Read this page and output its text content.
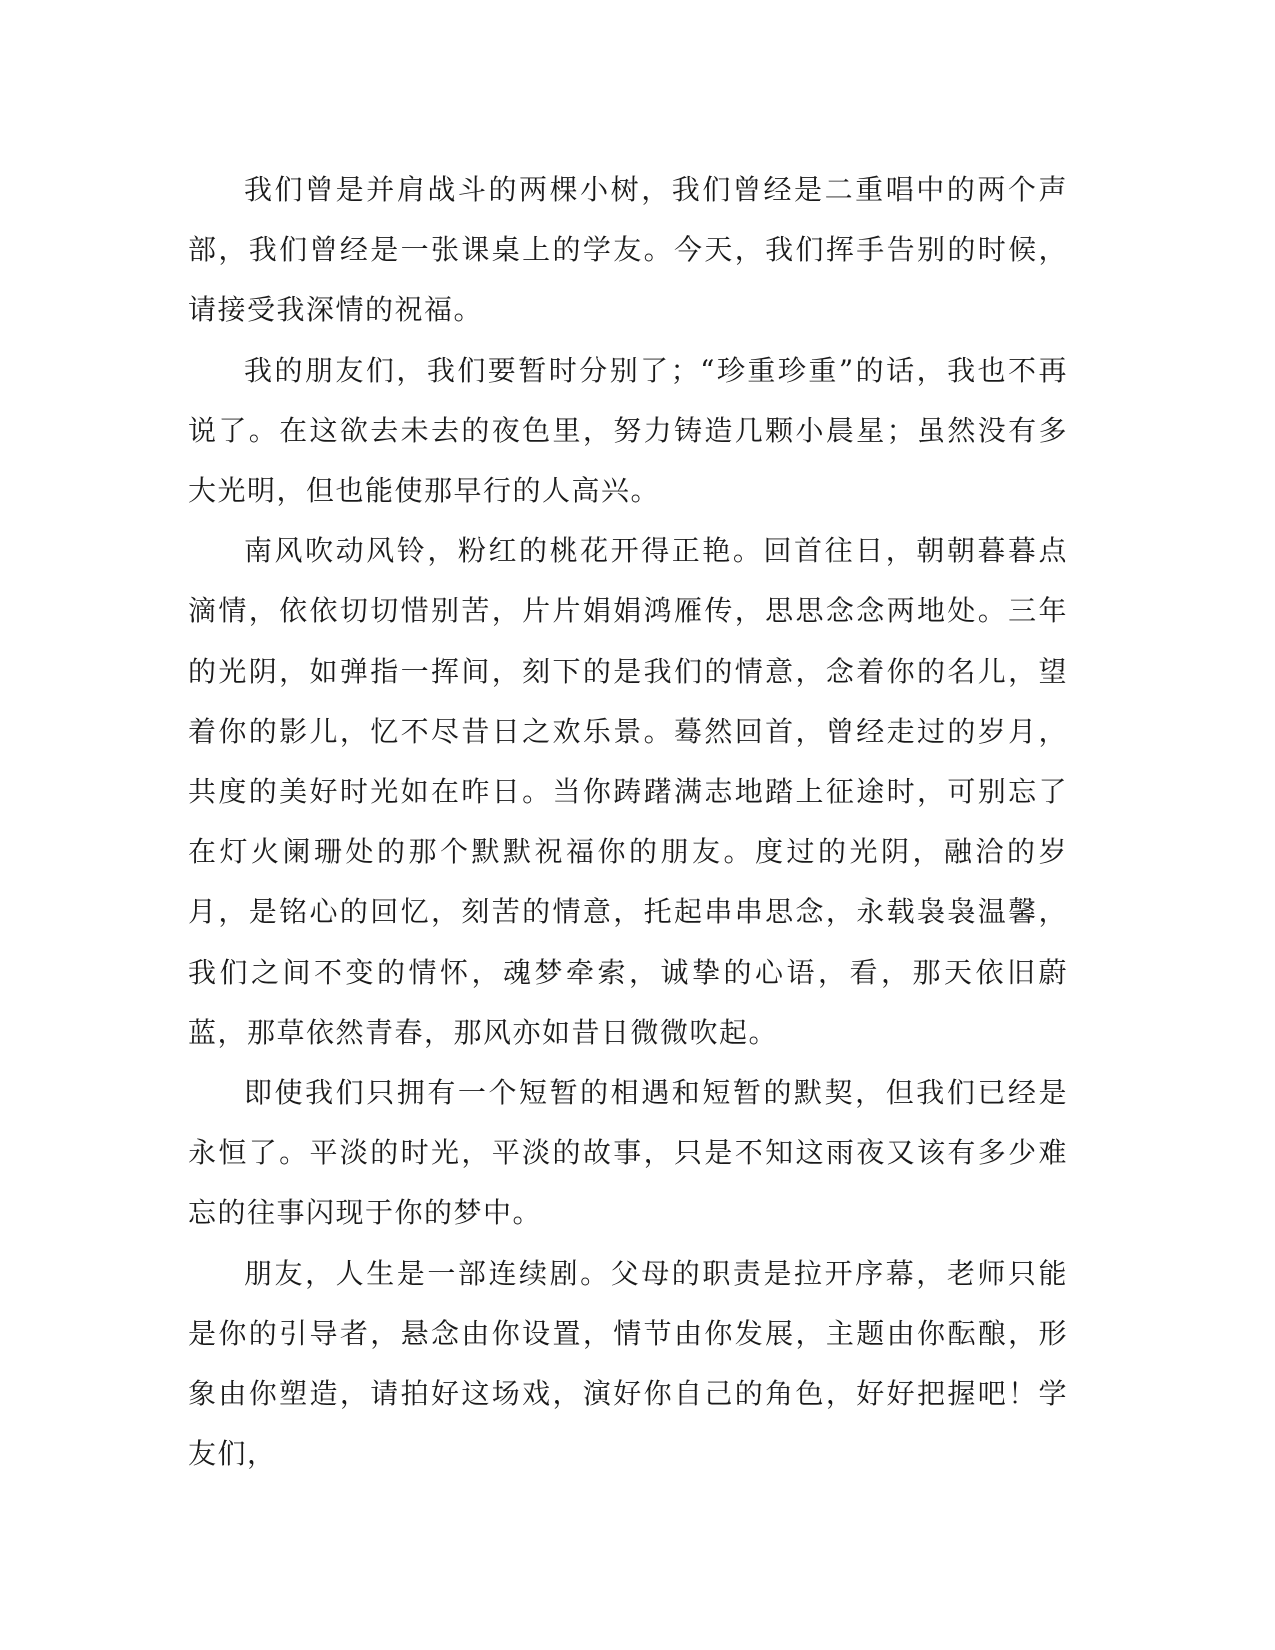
我们曾是并肩战斗的两棵小树，我们曾经是二重唱中的两个声部，我们曾经是一张课桌上的学友。今天，我们挥手告别的时候，请接受我深情的祝福。

我的朋友们，我们要暂时分别了；“珍重珍重”的话，我也不再说了。在这欲去未去的夜色里，努力铸造几颗小晨星；虽然没有多大光明，但也能使那早行的人高兴。

南风吹动风铃，粉红的桃花开得正艳。回首往日，朝朝暮暮点滴情，依依切切惜别苦，片片娟娟鸿雁传，思思念念两地处。三年的光阴，如弹指一挥间，刻下的是我们的情意，念着你的名儿，望着你的影儿，忆不尽昔日之欢乐景。蓦然回首，曾经走过的岁月，共度的美好时光如在昨日。当你踌躇满志地踏上征途时，可别忘了在灯火阑珊处的那个默默祝福你的朋友。度过的光阴，融洽的岁月，是铭心的回忆，刻苦的情意，托起串串思念，永载袅袅温馨，我们之间不变的情怀，魂梦牵索，诚挚的心语，看，那天依旧蔚蓝，那草依然青春，那风亦如昔日微微吹起。

即使我们只拥有一个短暂的相遇和短暂的默契，但我们已经是永恒了。平淡的时光，平淡的故事，只是不知这雨夜又该有多少难忘的往事闪现于你的梦中。

朋友，人生是一部连续剧。父母的职责是拉开序幕，老师只能是你的引导者，悬念由你设置，情节由你发展，主题由你酝酿，形象由你塑造，请拍好这场戏，演好你自己的角色，好好把握吧！学友们，
